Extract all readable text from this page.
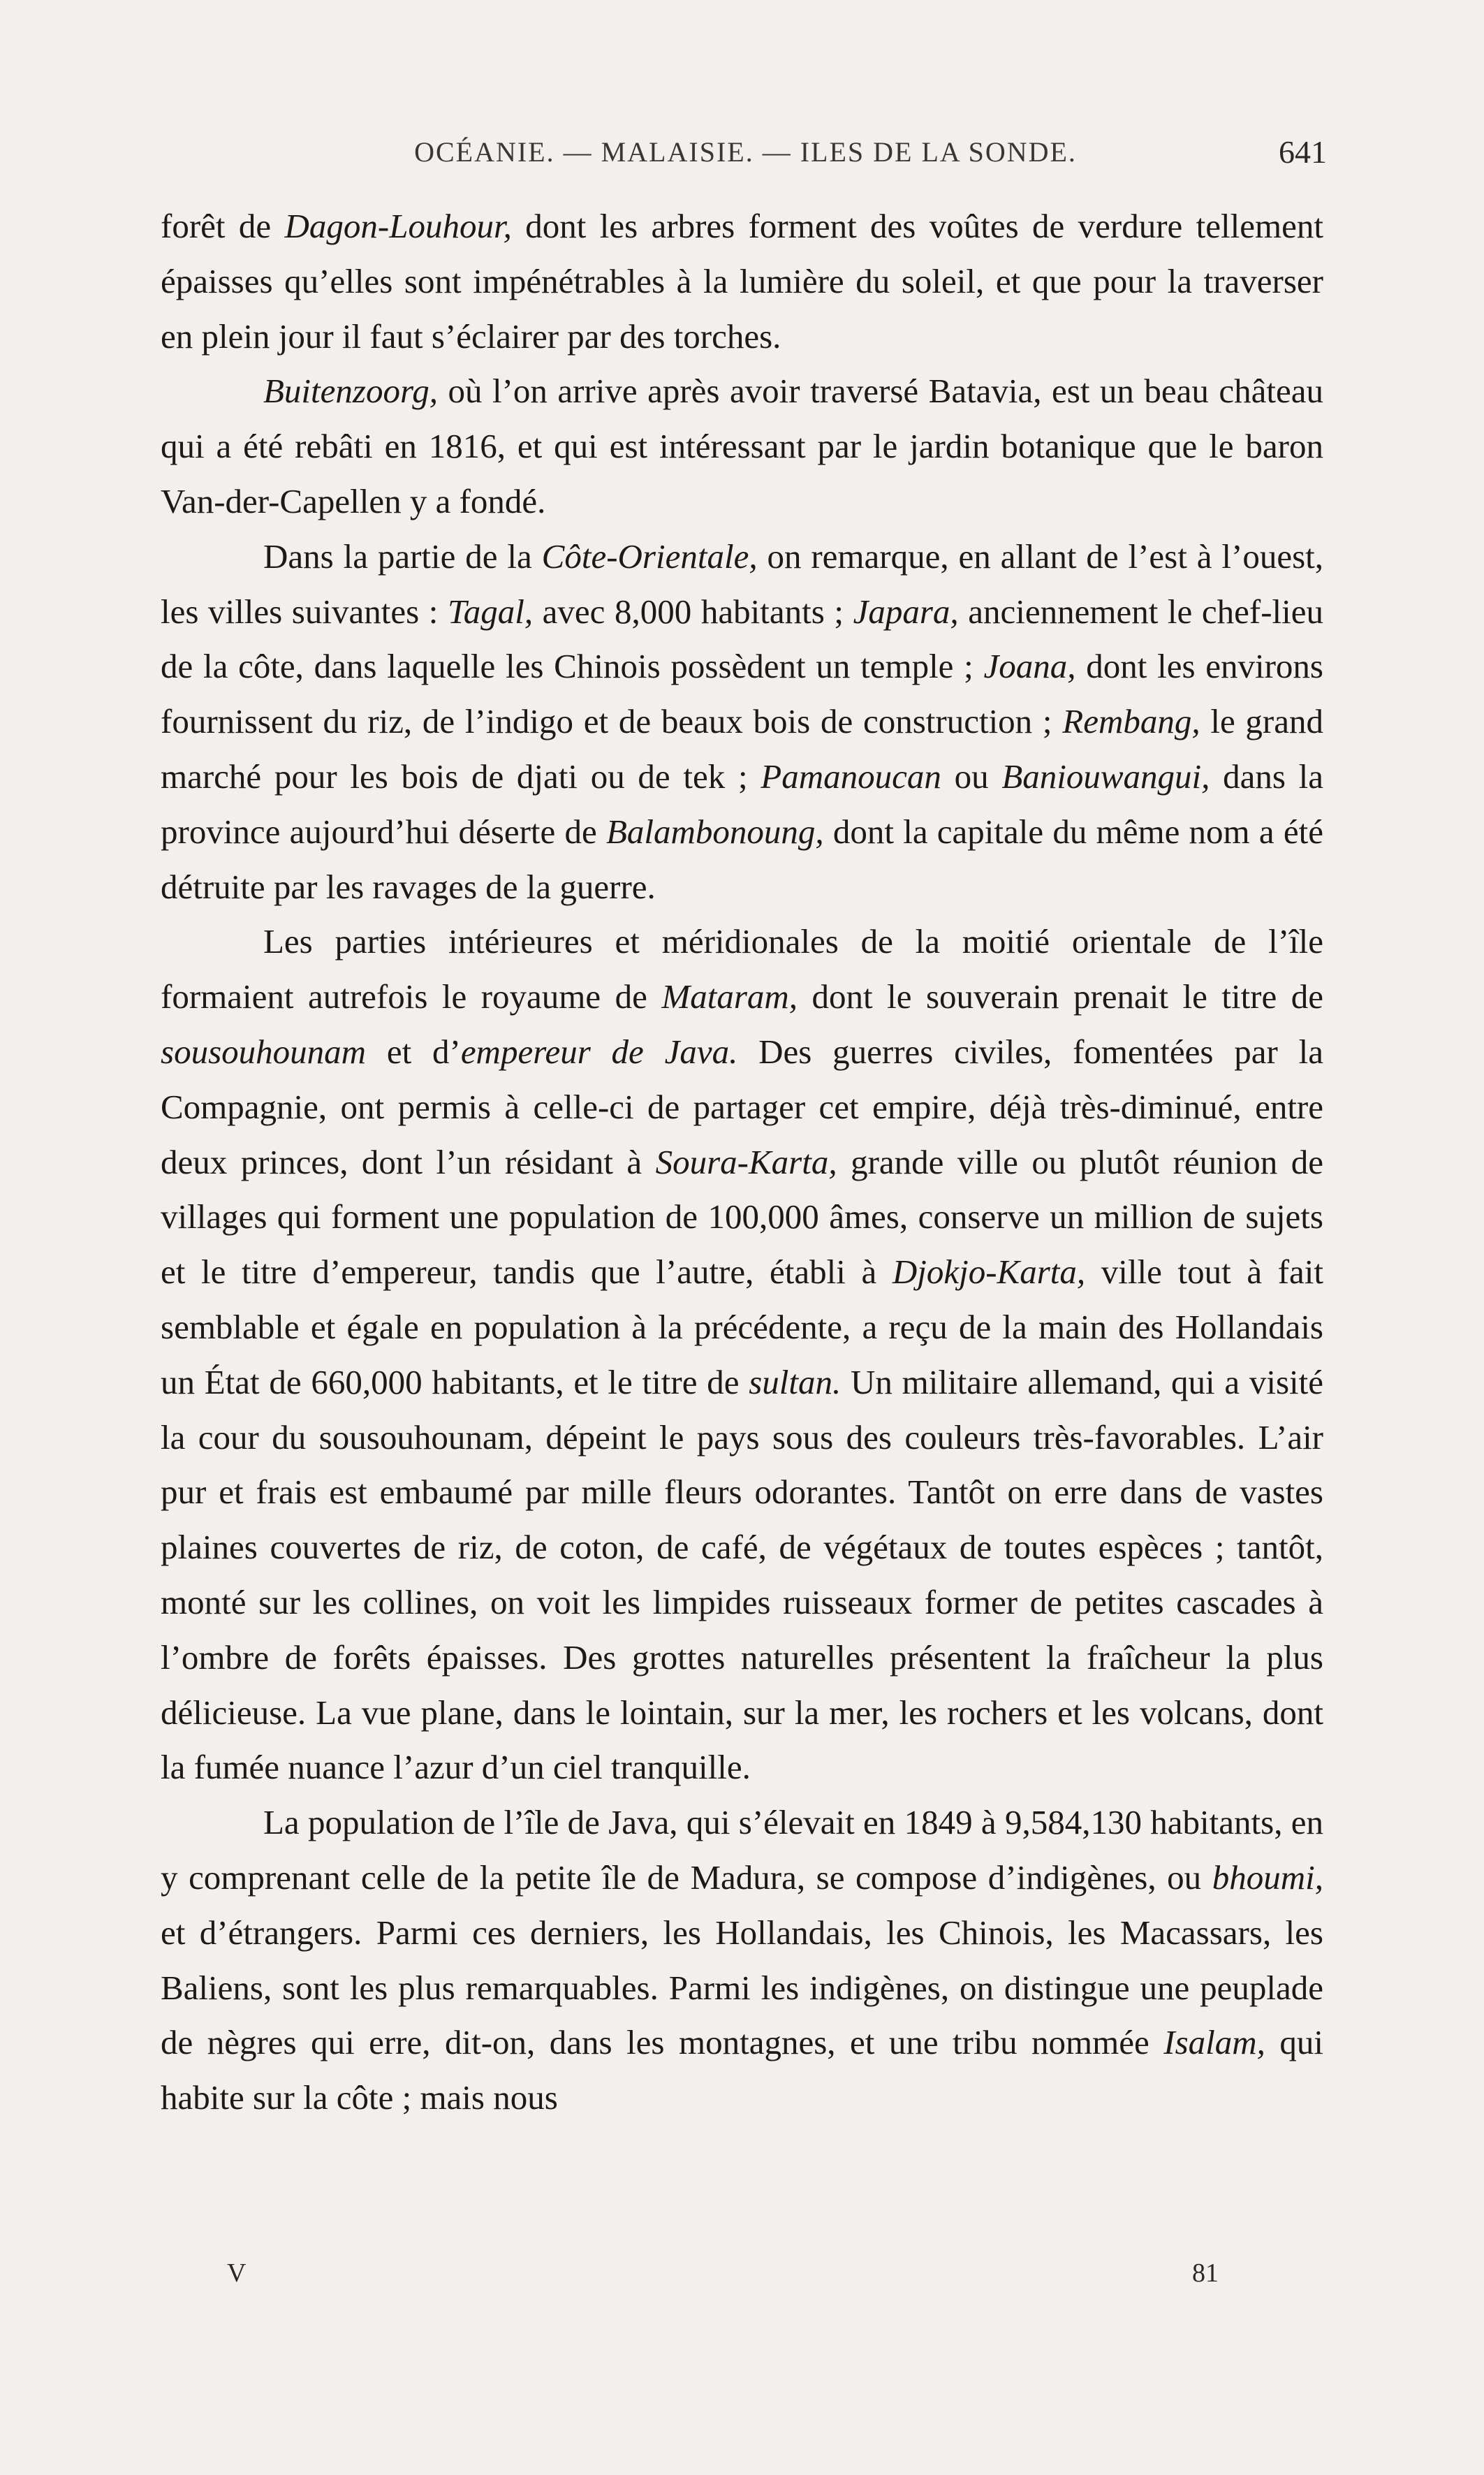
OCÉANIE. — MALAISIE. — ILES DE LA SONDE.	641

forêt de Dagon-Louhour, dont les arbres forment des voûtes de verdure tellement épaisses qu’elles sont impénétrables à la lumière du soleil, et que pour la traverser en plein jour il faut s’éclairer par des torches.

Buitenzoorg, où l’on arrive après avoir traversé Batavia, est un beau château qui a été rebâti en 1816, et qui est intéressant par le jardin botanique que le baron Van-der-Capellen y a fondé.

Dans la partie de la Côte-Orientale, on remarque, en allant de l’est à l’ouest, les villes suivantes : Tagal, avec 8,000 habitants ; Japara, anciennement le chef-lieu de la côte, dans laquelle les Chinois possèdent un temple ; Joana, dont les environs fournissent du riz, de l’indigo et de beaux bois de construction ; Rembang, le grand marché pour les bois de djati ou de tek ; Pamanoucan ou Baniouwangui, dans la province aujourd’hui déserte de Balambonoung, dont la capitale du même nom a été détruite par les ravages de la guerre.

Les parties intérieures et méridionales de la moitié orientale de l’île formaient autrefois le royaume de Mataram, dont le souverain prenait le titre de sousouhounam et d’empereur de Java. Des guerres civiles, fomentées par la Compagnie, ont permis à celle-ci de partager cet empire, déjà très-diminué, entre deux princes, dont l’un résidant à Soura-Karta, grande ville ou plutôt réunion de villages qui forment une population de 100,000 âmes, conserve un million de sujets et le titre d’empereur, tandis que l’autre, établi à Djokjo-Karta, ville tout à fait semblable et égale en population à la précédente, a reçu de la main des Hollandais un État de 660,000 habitants, et le titre de sultan. Un militaire allemand, qui a visité la cour du sousouhounam, dépeint le pays sous des couleurs très-favorables. L’air pur et frais est embaumé par mille fleurs odorantes. Tantôt on erre dans de vastes plaines couvertes de riz, de coton, de café, de végétaux de toutes espèces ; tantôt, monté sur les collines, on voit les limpides ruisseaux former de petites cascades à l’ombre de forêts épaisses. Des grottes naturelles présentent la fraîcheur la plus délicieuse. La vue plane, dans le lointain, sur la mer, les rochers et les volcans, dont la fumée nuance l’azur d’un ciel tranquille.

La population de l’île de Java, qui s’élevait en 1849 à 9,584,130 habitants, en y comprenant celle de la petite île de Madura, se compose d’indigènes, ou bhoumi, et d’étrangers. Parmi ces derniers, les Hollandais, les Chinois, les Macassars, les Baliens, sont les plus remarquables. Parmi les indigènes, on distingue une peuplade de nègres qui erre, dit-on, dans les montagnes, et une tribu nommée Isalam, qui habite sur la côte ; mais nous

V	81
